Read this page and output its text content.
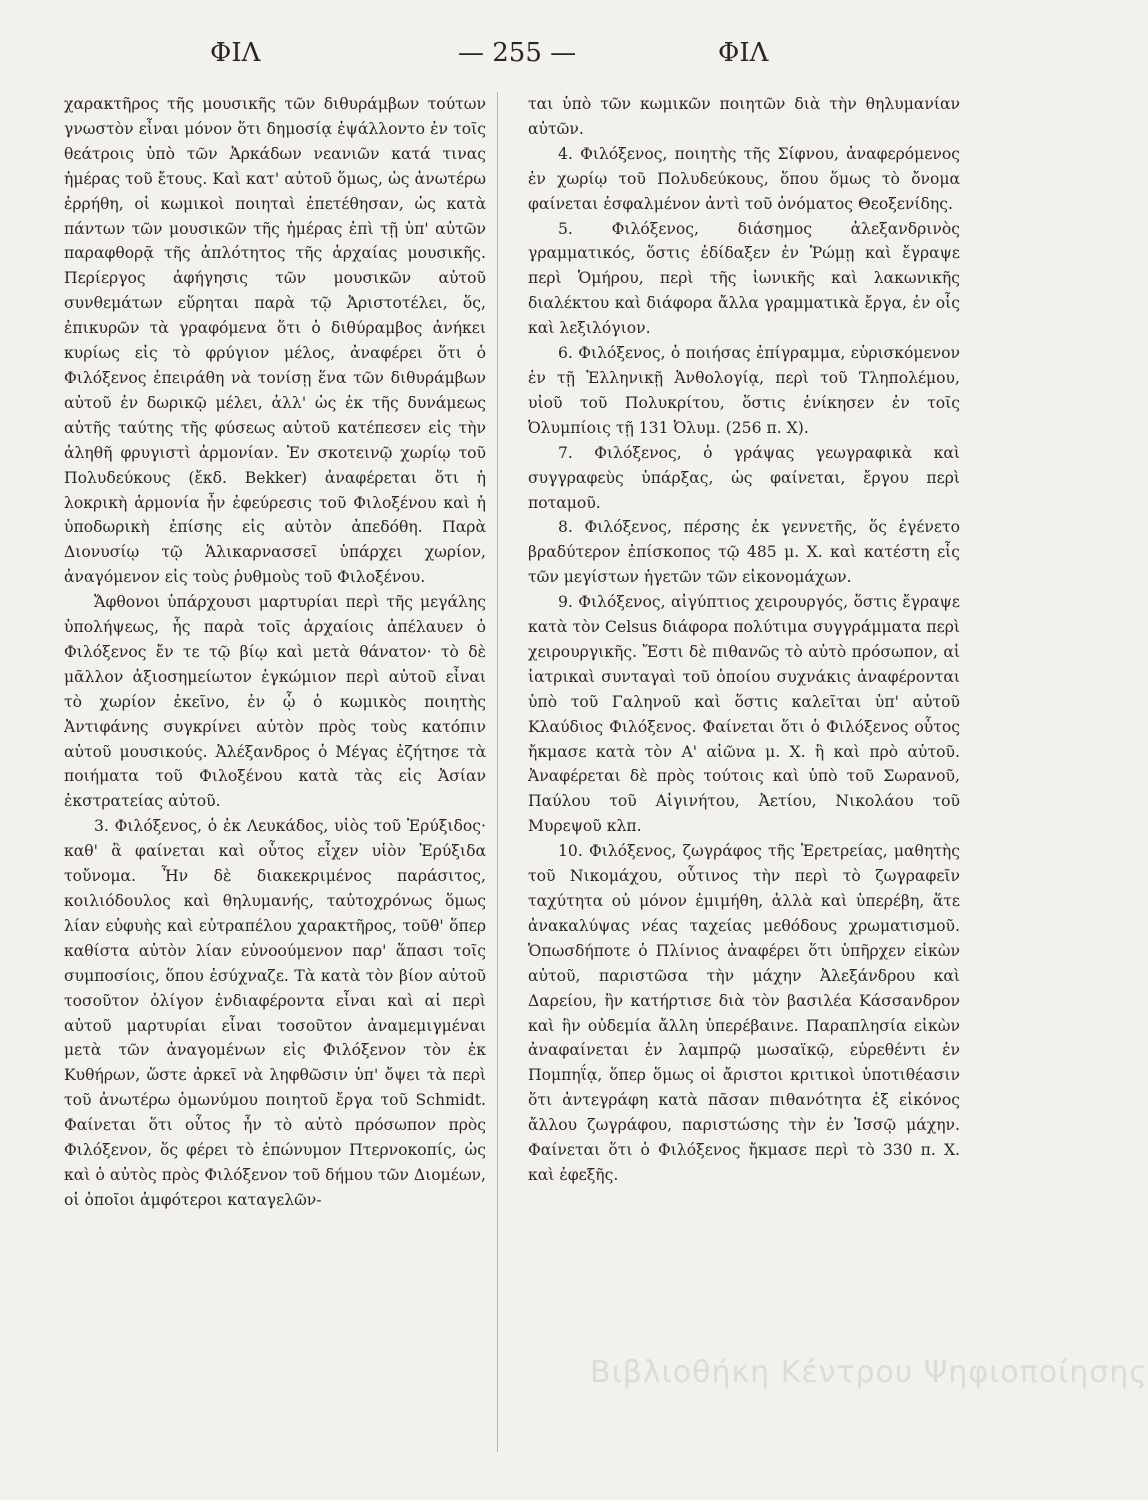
ΦΙΛ	— 255 —	ΦΙΛ

χαρακτῆρος τῆς μουσικῆς τῶν διθυράμβων τούτων γνωστὸν εἶναι μόνον ὅτι δημοσίᾳ ἐψάλλοντο ἐν τοῖς θεάτροις ὑπὸ τῶν Ἀρκάδων νεανιῶν κατά τινας ἡμέρας τοῦ ἔτους. Καὶ κατ' αὐτοῦ ὅμως, ὡς ἀνωτέρω ἐρρήθη, οἱ κωμικοὶ ποιηταὶ ἐπετέθησαν, ὡς κατὰ πάντων τῶν μουσικῶν τῆς ἡμέρας ἐπὶ τῇ ὑπ' αὐτῶν παραφθορᾷ τῆς ἁπλότητος τῆς ἀρχαίας μουσικῆς. Περίεργος ἀφήγησις τῶν μουσικῶν αὐτοῦ συνθεμάτων εὕρηται παρὰ τῷ Ἀριστοτέλει, ὅς, ἐπικυρῶν τὰ γραφόμενα ὅτι ὁ διθύραμβος ἀνήκει κυρίως εἰς τὸ φρύγιον μέλος, ἀναφέρει ὅτι ὁ Φιλόξενος ἐπειράθη νὰ τονίσῃ ἕνα τῶν διθυράμβων αὐτοῦ ἐν δωρικῷ μέλει, ἀλλ' ὡς ἐκ τῆς δυνάμεως αὐτῆς ταύτης τῆς φύσεως αὐτοῦ κατέπεσεν εἰς τὴν ἀληθῆ φρυγιστὶ ἁρμονίαν. Ἐν σκοτεινῷ χωρίῳ τοῦ Πολυδεύκους (ἔκδ. Bekker) ἀναφέρεται ὅτι ἡ λοκρικὴ ἁρμονία ἦν ἐφεύρεσις τοῦ Φιλοξένου καὶ ἡ ὑποδωρικὴ ἐπίσης εἰς αὐτὸν ἀπεδόθη. Παρὰ Διονυσίῳ τῷ Ἁλικαρνασσεῖ ὑπάρχει χωρίον, ἀναγόμενον εἰς τοὺς ῥυθμοὺς τοῦ Φιλοξένου.

Ἄφθονοι ὑπάρχουσι μαρτυρίαι περὶ τῆς μεγάλης ὑπολήψεως, ἧς παρὰ τοῖς ἀρχαίοις ἀπέλαυεν ὁ Φιλόξενος ἔν τε τῷ βίῳ καὶ μετὰ θάνατον· τὸ δὲ μᾶλλον ἀξιοσημείωτον ἐγκώμιον περὶ αὐτοῦ εἶναι τὸ χωρίον ἐκεῖνο, ἐν ᾧ ὁ κωμικὸς ποιητὴς Ἀντιφάνης συγκρίνει αὐτὸν πρὸς τοὺς κατόπιν αὐτοῦ μουσικούς. Ἀλέξανδρος ὁ Μέγας ἐζήτησε τὰ ποιήματα τοῦ Φιλοξένου κατὰ τὰς εἰς Ἀσίαν ἐκστρατείας αὐτοῦ.

3. Φιλόξενος, ὁ ἐκ Λευκάδος, υἱὸς τοῦ Ἐρύξιδος· καθ' ἃ φαίνεται καὶ οὗτος εἶχεν υἱὸν Ἐρύξιδα τοὔνομα. Ἦν δὲ διακεκριμένος παράσιτος, κοιλιόδουλος καὶ θηλυμανής, ταὐτοχρόνως ὅμως λίαν εὐφυὴς καὶ εὐτραπέλου χαρακτῆρος, τοῦθ' ὅπερ καθίστα αὐτὸν λίαν εὐνοούμενον παρ' ἅπασι τοῖς συμποσίοις, ὅπου ἐσύχναζε. Τὰ κατὰ τὸν βίον αὐτοῦ τοσοῦτον ὀλίγον ἐνδιαφέροντα εἶναι καὶ αἱ περὶ αὐτοῦ μαρτυρίαι εἶναι τοσοῦτον ἀναμεμιγμέναι μετὰ τῶν ἀναγομένων εἰς Φιλόξενον τὸν ἐκ Κυθήρων, ὥστε ἀρκεῖ νὰ ληφθῶσιν ὑπ' ὄψει τὰ περὶ τοῦ ἀνωτέρω ὁμωνύμου ποιητοῦ ἔργα τοῦ Schmidt. Φαίνεται ὅτι οὗτος ἦν τὸ αὐτὸ πρόσωπον πρὸς Φιλόξενον, ὅς φέρει τὸ ἐπώνυμον Πτερνοκοπίς, ὡς καὶ ὁ αὐτὸς πρὸς Φιλόξενον τοῦ δήμου τῶν Διομέων, οἱ ὁποῖοι ἀμφότεροι καταγελῶν-

ται ὑπὸ τῶν κωμικῶν ποιητῶν διὰ τὴν θηλυμανίαν αὐτῶν.

4. Φιλόξενος, ποιητὴς τῆς Σίφνου, ἀναφερόμενος ἐν χωρίῳ τοῦ Πολυδεύκους, ὅπου ὅμως τὸ ὄνομα φαίνεται ἐσφαλμένον ἀντὶ τοῦ ὀνόματος Θεοξενίδης.

5. Φιλόξενος, διάσημος ἀλεξανδρινὸς γραμματικός, ὅστις ἐδίδαξεν ἐν Ῥώμῃ καὶ ἔγραψε περὶ Ὁμήρου, περὶ τῆς ἰωνικῆς καὶ λακωνικῆς διαλέκτου καὶ διάφορα ἄλλα γραμματικὰ ἔργα, ἐν οἷς καὶ λεξιλόγιον.

6. Φιλόξενος, ὁ ποιήσας ἐπίγραμμα, εὑρισκόμενον ἐν τῇ Ἑλληνικῇ Ἀνθολογίᾳ, περὶ τοῦ Τληπολέμου, υἱοῦ τοῦ Πολυκρίτου, ὅστις ἐνίκησεν ἐν τοῖς Ὀλυμπίοις τῇ 131 Ὀλυμ. (256 π. Χ).

7. Φιλόξενος, ὁ γράψας γεωγραφικὰ καὶ συγγραφεὺς ὑπάρξας, ὡς φαίνεται, ἔργου περὶ ποταμοῦ.

8. Φιλόξενος, πέρσης ἐκ γεννετῆς, ὅς ἐγένετο βραδύτερον ἐπίσκοπος τῷ 485 μ. Χ. καὶ κατέστη εἷς τῶν μεγίστων ἡγετῶν τῶν εἰκονομάχων.

9. Φιλόξενος, αἰγύπτιος χειρουργός, ὅστις ἔγραψε κατὰ τὸν Celsus διάφορα πολύτιμα συγγράμματα περὶ χειρουργικῆς. Ἔστι δὲ πιθανῶς τὸ αὐτὸ πρόσωπον, αἱ ἰατρικαὶ συνταγαὶ τοῦ ὁποίου συχνάκις ἀναφέρονται ὑπὸ τοῦ Γαληνοῦ καὶ ὅστις καλεῖται ὑπ' αὐτοῦ Κλαύδιος Φιλόξενος. Φαίνεται ὅτι ὁ Φιλόξενος οὗτος ἤκμασε κατὰ τὸν Α' αἰῶνα μ. Χ. ἢ καὶ πρὸ αὐτοῦ. Ἀναφέρεται δὲ πρὸς τούτοις καὶ ὑπὸ τοῦ Σωρανοῦ, Παύλου τοῦ Αἰγινήτου, Ἀετίου, Νικολάου τοῦ Μυρεψοῦ κλπ.

10. Φιλόξενος, ζωγράφος τῆς Ἐρετρείας, μαθητὴς τοῦ Νικομάχου, οὗτινος τὴν περὶ τὸ ζωγραφεῖν ταχύτητα οὐ μόνον ἐμιμήθη, ἀλλὰ καὶ ὑπερέβη, ἅτε ἀνακαλύψας νέας ταχείας μεθόδους χρωματισμοῦ. Ὁπωσδήποτε ὁ Πλίνιος ἀναφέρει ὅτι ὑπῆρχεν εἰκὼν αὐτοῦ, παριστῶσα τὴν μάχην Ἀλεξάνδρου καὶ Δαρείου, ἣν κατήρτισε διὰ τὸν βασιλέα Κάσσανδρον καὶ ἣν οὐδεμία ἄλλη ὑπερέβαινε. Παραπλησία εἰκὼν ἀναφαίνεται ἐν λαμπρῷ μωσαϊκῷ, εὑρεθέντι ἐν Πομπηΐᾳ, ὅπερ ὅμως οἱ ἄριστοι κριτικοὶ ὑποτιθέασιν ὅτι ἀντεγράφη κατὰ πᾶσαν πιθανότητα ἐξ εἰκόνος ἄλλου ζωγράφου, παριστώσης τὴν ἐν Ἰσσῷ μάχην. Φαίνεται ὅτι ὁ Φιλόξενος ἤκμασε περὶ τὸ 330 π. Χ. καὶ ἐφεξῆς.

Βιβλιοθήκη Κέντρου Ψηφιοποίησης
